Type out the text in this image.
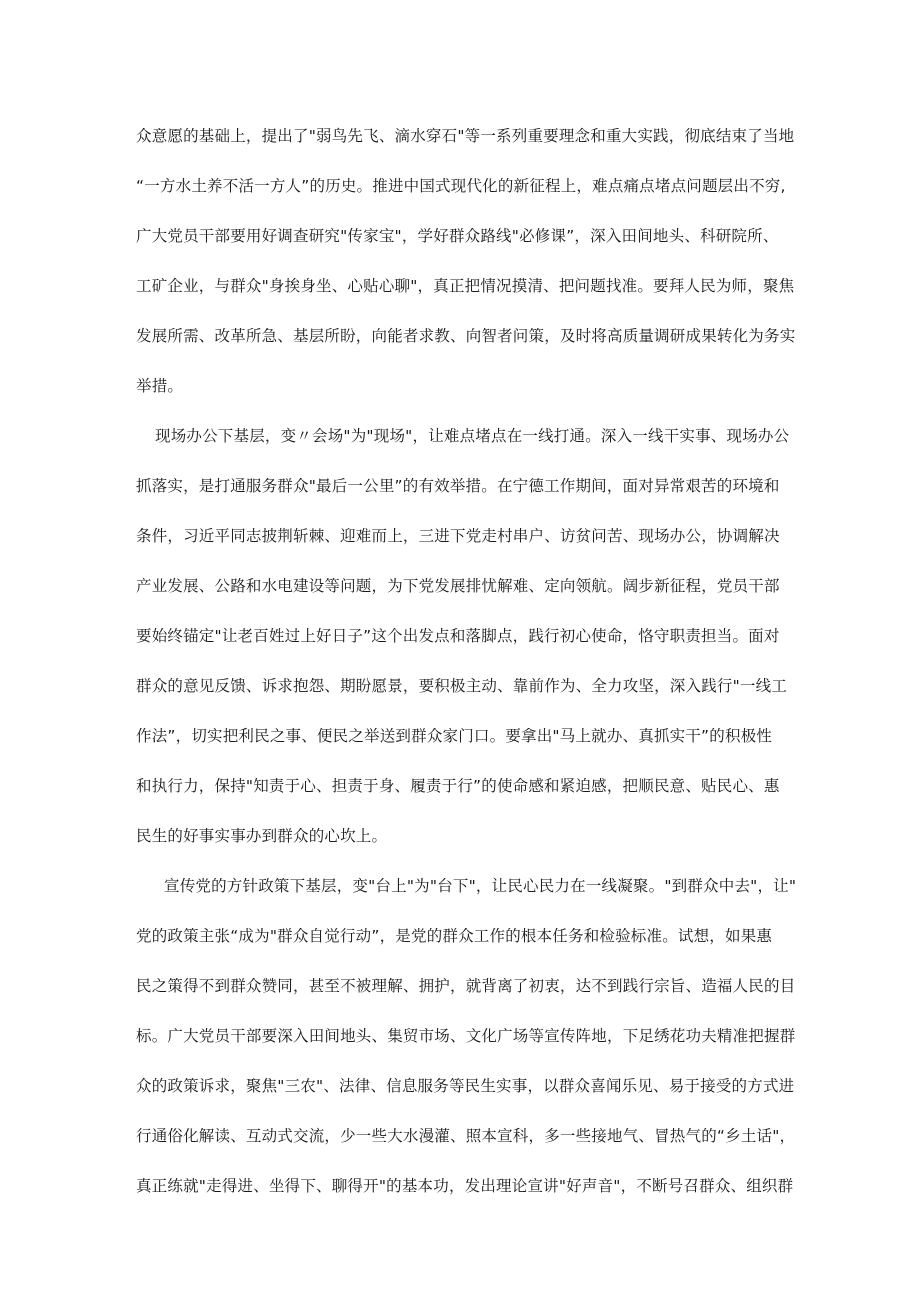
众意愿的基础上，提出了"弱鸟先飞、滴水穿石"等一系列重要理念和重大实践，彻底结束了当地
“一方水土养不活一方人”的历史。推进中国式现代化的新征程上，难点痛点堵点问题层出不穷,
广大党员干部要用好调查研究"传家宝"，学好群众路线"必修课”，深入田间地头、科研院所、
工矿企业，与群众"身挨身坐、心贴心聊"，真正把情况摸清、把问题找准。要拜人民为师，聚焦
发展所需、改革所急、基层所盼，向能者求教、向智者问策，及时将高质量调研成果转化为务实
举措。
现场办公下基层，变〃会场"为"现场"，让难点堵点在一线打通。深入一线干实事、现场办公
抓落实，是打通服务群众"最后一公里”的有效举措。在宁德工作期间，面对异常艰苦的环境和
条件，习近平同志披荆斩棘、迎难而上，三进下党走村串户、访贫问苦、现场办公，协调解决
产业发展、公路和水电建设等问题，为下党发展排忧解难、定向领航。阔步新征程，党员干部
要始终锚定"让老百姓过上好日子”这个出发点和落脚点，践行初心使命，恪守职责担当。面对
群众的意见反馈、诉求抱怨、期盼愿景，要积极主动、靠前作为、全力攻坚，深入践行"一线工
作法”，切实把利民之事、便民之举送到群众家门口。要拿出"马上就办、真抓实干”的积极性
和执行力，保持"知责于心、担责于身、履责于行”的使命感和紧迫感，把顺民意、贴民心、惠
民生的好事实事办到群众的心坎上。
宣传党的方针政策下基层，变"台上"为"台下"，让民心民力在一线凝聚。"到群众中去"，让"
党的政策主张“成为"群众自觉行动”，是党的群众工作的根本任务和检验标准。试想，如果惠
民之策得不到群众赞同，甚至不被理解、拥护，就背离了初衷，达不到践行宗旨、造福人民的目
标。广大党员干部要深入田间地头、集贸市场、文化广场等宣传阵地，下足绣花功夫精准把握群
众的政策诉求，聚焦"三农"、法律、信息服务等民生实事，以群众喜闻乐见、易于接受的方式进
行通俗化解读、互动式交流，少一些大水漫灌、照本宣科，多一些接地气、冒热气的“乡土话"，
真正练就"走得进、坐得下、聊得开"的基本功，发出理论宣讲"好声音"，不断号召群众、组织群
